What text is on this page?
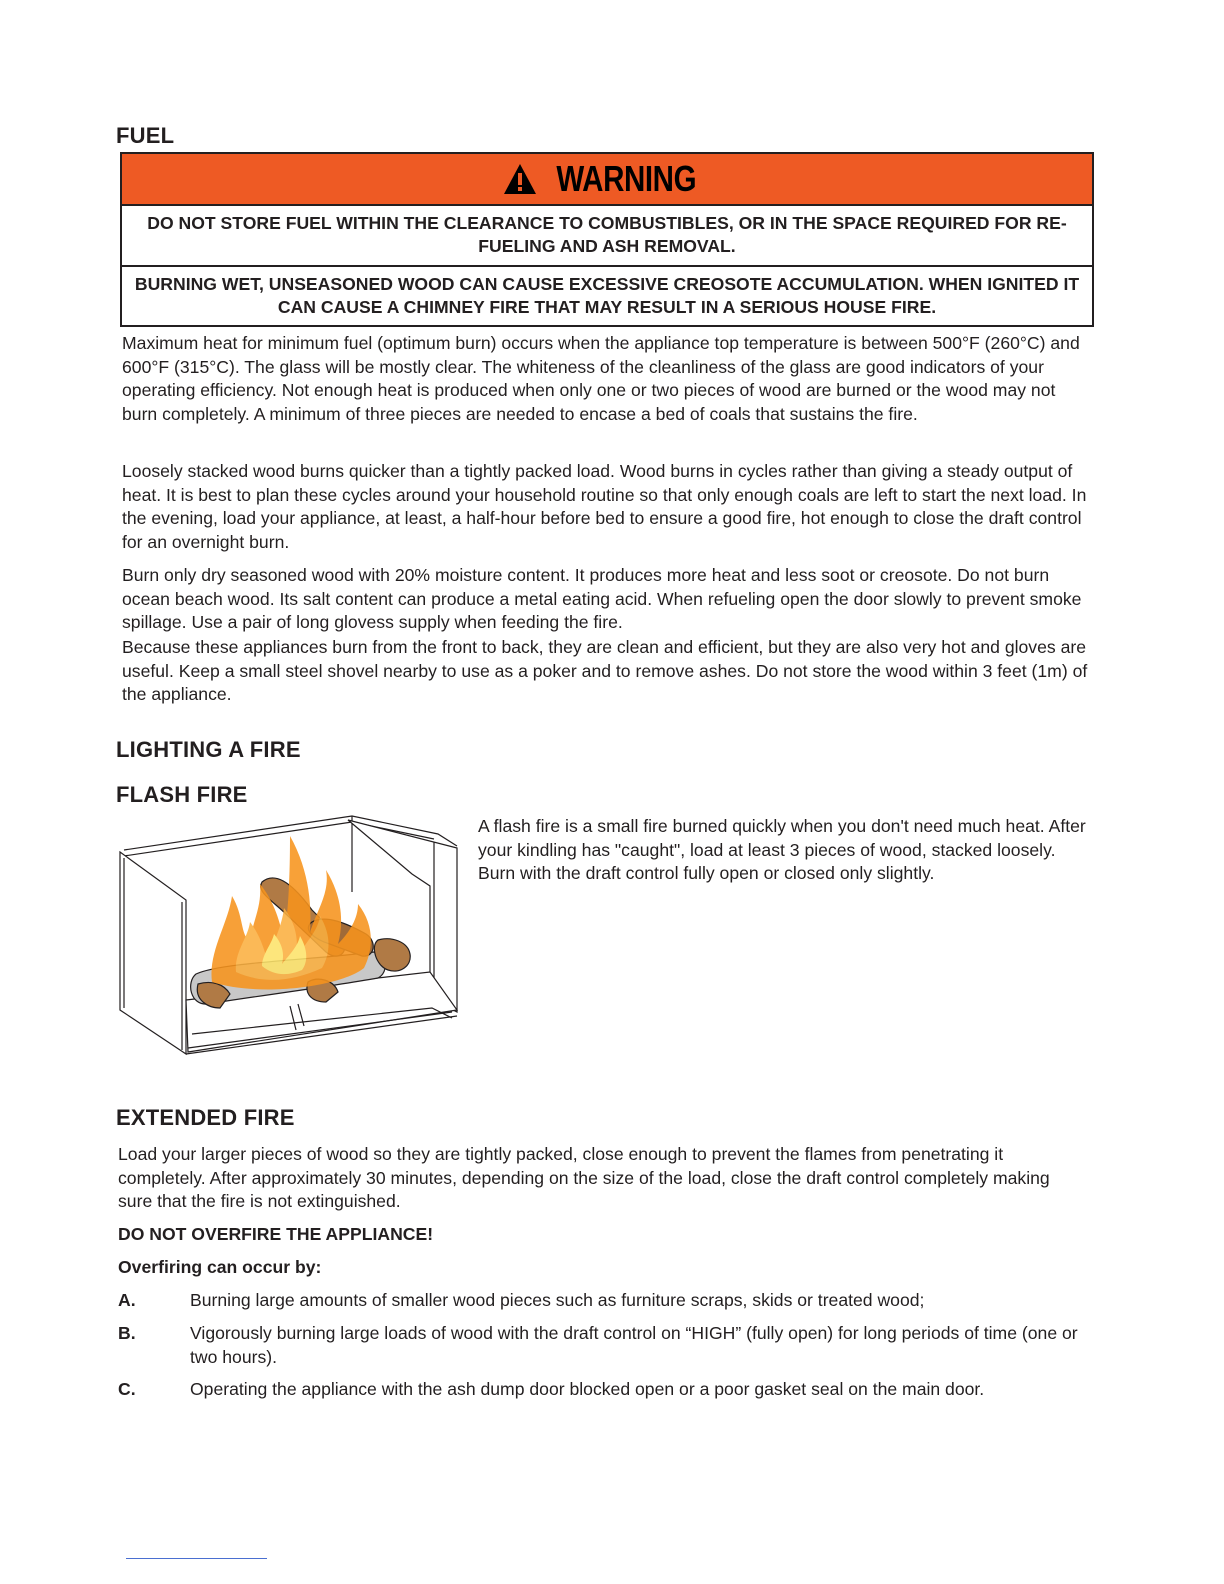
FUEL
WARNING
DO NOT STORE FUEL WITHIN THE CLEARANCE TO COMBUSTIBLES, OR IN THE SPACE REQUIRED FOR RE-FUELING AND ASH REMOVAL.
BURNING WET, UNSEASONED WOOD CAN CAUSE EXCESSIVE CREOSOTE ACCUMULATION. WHEN IGNITED IT CAN CAUSE A CHIMNEY FIRE THAT MAY RESULT IN A SERIOUS HOUSE FIRE.

Maximum heat for minimum fuel (optimum burn) occurs when the appliance top temperature is between 500°F (260°C) and 600°F (315°C). The glass will be mostly clear. The whiteness of the cleanliness of the glass are good indicators of your operating efficiency. Not enough heat is produced when only one or two pieces of wood are burned or the wood may not burn completely. A minimum of three pieces are needed to encase a bed of coals that sustains the fire.

Loosely stacked wood burns quicker than a tightly packed load. Wood burns in cycles rather than giving a steady output of heat. It is best to plan these cycles around your household routine so that only enough coals are left to start the next load. In the evening, load your appliance, at least, a half-hour before bed to ensure a good fire, hot enough to close the draft control for an overnight burn.

Burn only dry seasoned wood with 20% moisture content. It produces more heat and less soot or creosote. Do not burn ocean beach wood. Its salt content can produce a metal eating acid. When refueling open the door slowly to prevent smoke spillage. Use a pair of long glovess supply when feeding the fire.

Because these appliances burn from the front to back, they are clean and efficient, but they are also very hot and gloves are useful. Keep a small steel shovel nearby to use as a poker and to remove ashes. Do not store the wood within 3 feet (1m) of the appliance.

LIGHTING A FIRE
FLASH FIRE

A flash fire is a small fire burned quickly when you don't need much heat. After your kindling has "caught", load at least 3 pieces of wood, stacked loosely. Burn with the draft control fully open or closed only slightly.

EXTENDED FIRE

Load your larger pieces of wood so they are tightly packed, close enough to prevent the flames from penetrating it completely. After approximately 30 minutes, depending on the size of the load, close the draft control completely making sure that the fire is not extinguished.

DO NOT OVERFIRE THE APPLIANCE!

Overfiring can occur by:

A.	Burning large amounts of smaller wood pieces such as furniture scraps, skids or treated wood;
B.	Vigorously burning large loads of wood with the draft control on “HIGH” (fully open) for long periods of time (one or two hours).
C.	Operating the appliance with the ash dump door blocked open or a poor gasket seal on the main door.
